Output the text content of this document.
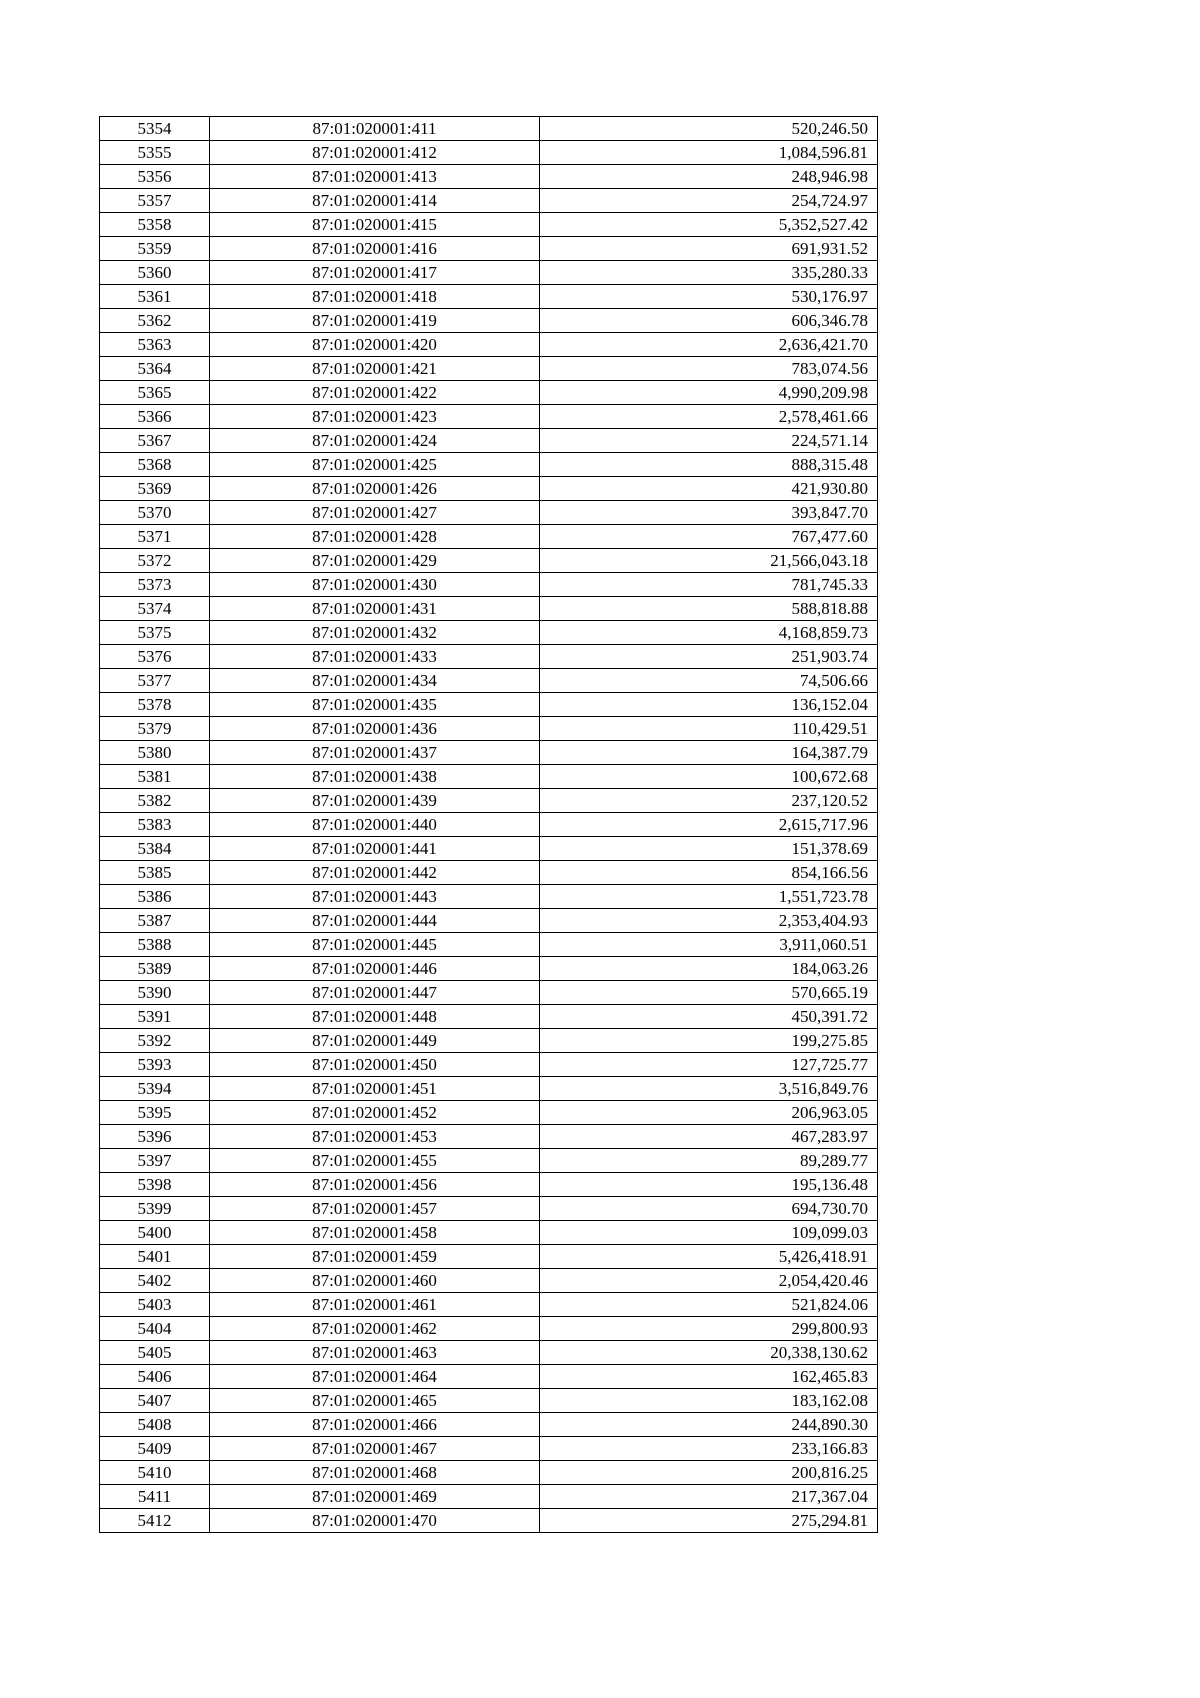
5354	87:01:020001:411	520,246.50
5355	87:01:020001:412	1,084,596.81
5356	87:01:020001:413	248,946.98
5357	87:01:020001:414	254,724.97
5358	87:01:020001:415	5,352,527.42
5359	87:01:020001:416	691,931.52
5360	87:01:020001:417	335,280.33
5361	87:01:020001:418	530,176.97
5362	87:01:020001:419	606,346.78
5363	87:01:020001:420	2,636,421.70
5364	87:01:020001:421	783,074.56
5365	87:01:020001:422	4,990,209.98
5366	87:01:020001:423	2,578,461.66
5367	87:01:020001:424	224,571.14
5368	87:01:020001:425	888,315.48
5369	87:01:020001:426	421,930.80
5370	87:01:020001:427	393,847.70
5371	87:01:020001:428	767,477.60
5372	87:01:020001:429	21,566,043.18
5373	87:01:020001:430	781,745.33
5374	87:01:020001:431	588,818.88
5375	87:01:020001:432	4,168,859.73
5376	87:01:020001:433	251,903.74
5377	87:01:020001:434	74,506.66
5378	87:01:020001:435	136,152.04
5379	87:01:020001:436	110,429.51
5380	87:01:020001:437	164,387.79
5381	87:01:020001:438	100,672.68
5382	87:01:020001:439	237,120.52
5383	87:01:020001:440	2,615,717.96
5384	87:01:020001:441	151,378.69
5385	87:01:020001:442	854,166.56
5386	87:01:020001:443	1,551,723.78
5387	87:01:020001:444	2,353,404.93
5388	87:01:020001:445	3,911,060.51
5389	87:01:020001:446	184,063.26
5390	87:01:020001:447	570,665.19
5391	87:01:020001:448	450,391.72
5392	87:01:020001:449	199,275.85
5393	87:01:020001:450	127,725.77
5394	87:01:020001:451	3,516,849.76
5395	87:01:020001:452	206,963.05
5396	87:01:020001:453	467,283.97
5397	87:01:020001:455	89,289.77
5398	87:01:020001:456	195,136.48
5399	87:01:020001:457	694,730.70
5400	87:01:020001:458	109,099.03
5401	87:01:020001:459	5,426,418.91
5402	87:01:020001:460	2,054,420.46
5403	87:01:020001:461	521,824.06
5404	87:01:020001:462	299,800.93
5405	87:01:020001:463	20,338,130.62
5406	87:01:020001:464	162,465.83
5407	87:01:020001:465	183,162.08
5408	87:01:020001:466	244,890.30
5409	87:01:020001:467	233,166.83
5410	87:01:020001:468	200,816.25
5411	87:01:020001:469	217,367.04
5412	87:01:020001:470	275,294.81
